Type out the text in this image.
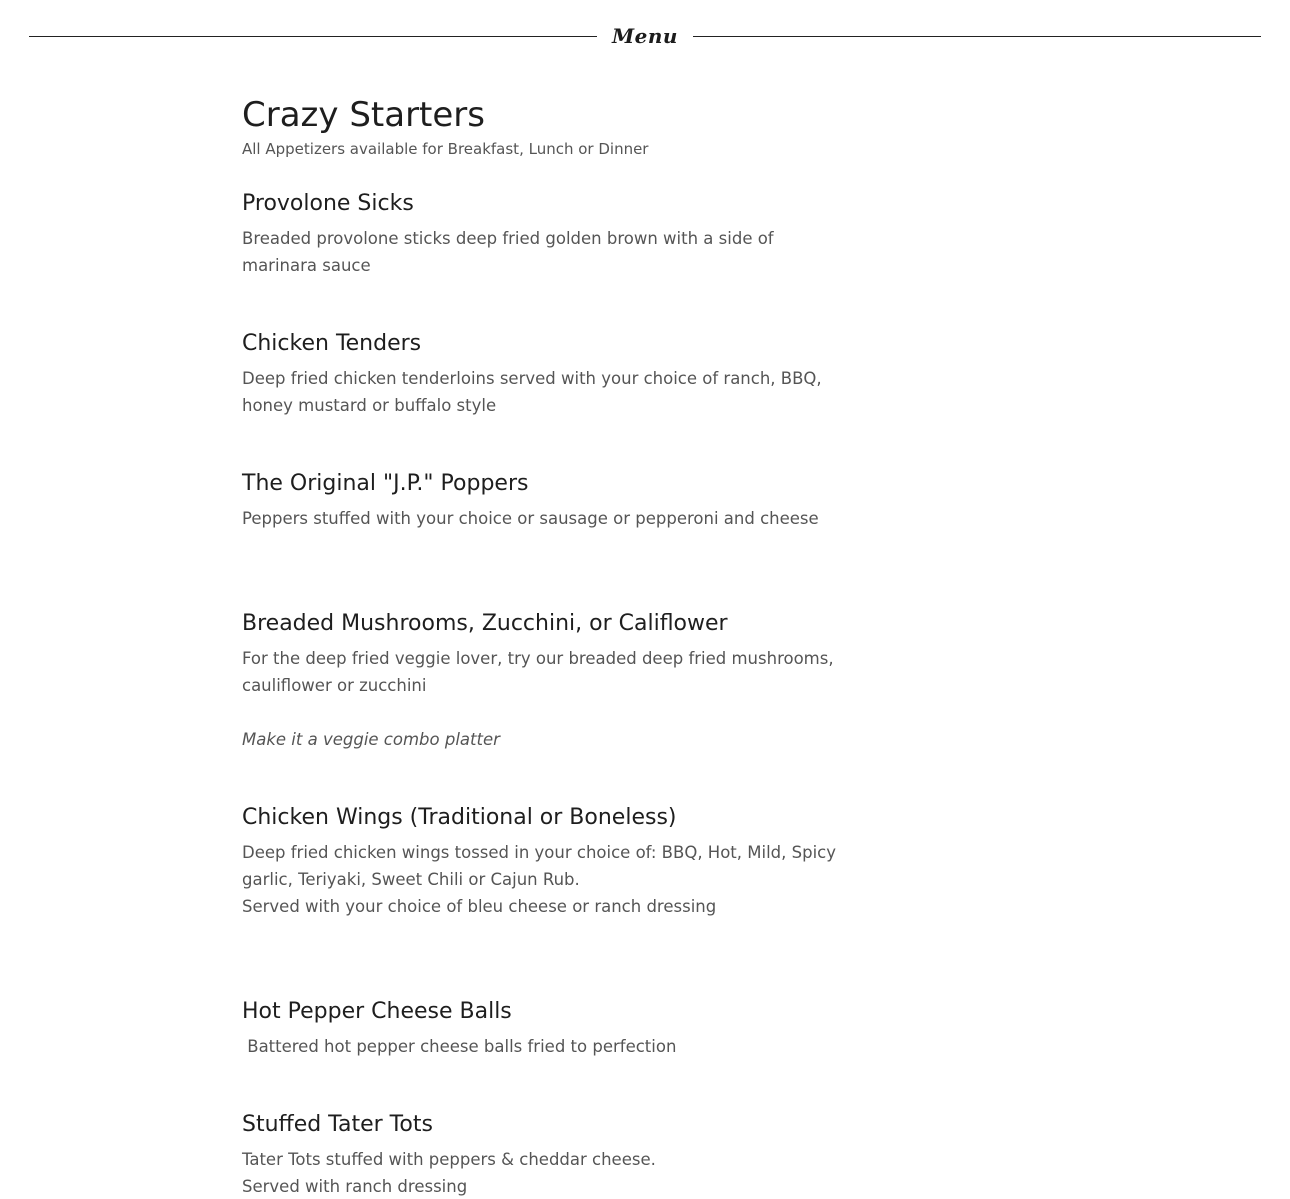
Menu
Crazy Starters

All Appetizers available for Breakfast, Lunch or Dinner

Provolone Sicks

Breaded provolone sticks deep fried golden brown with a side of
marinara sauce

Chicken Tenders

Deep fried chicken tenderloins served with your choice of ranch, BBQ,
honey mustard or buffalo style

The Original "J.P." Poppers

Peppers stuffed with your choice or sausage or pepperoni and cheese

Breaded Mushrooms, Zucchini, or Califlower

For the deep fried veggie lover, try our breaded deep fried mushrooms,
cauliflower or zucchini

Make it a veggie combo platter

Chicken Wings (Traditional or Boneless)

Deep fried chicken wings tossed in your choice of: BBQ, Hot, Mild, Spicy
garlic, Teriyaki, Sweet Chili or Cajun Rub.
Served with your choice of bleu cheese or ranch dressing

Hot Pepper Cheese Balls

Battered hot pepper cheese balls fried to perfection

Stuffed Tater Tots

Tater Tots stuffed with peppers & cheddar cheese.
Served with ranch dressing
